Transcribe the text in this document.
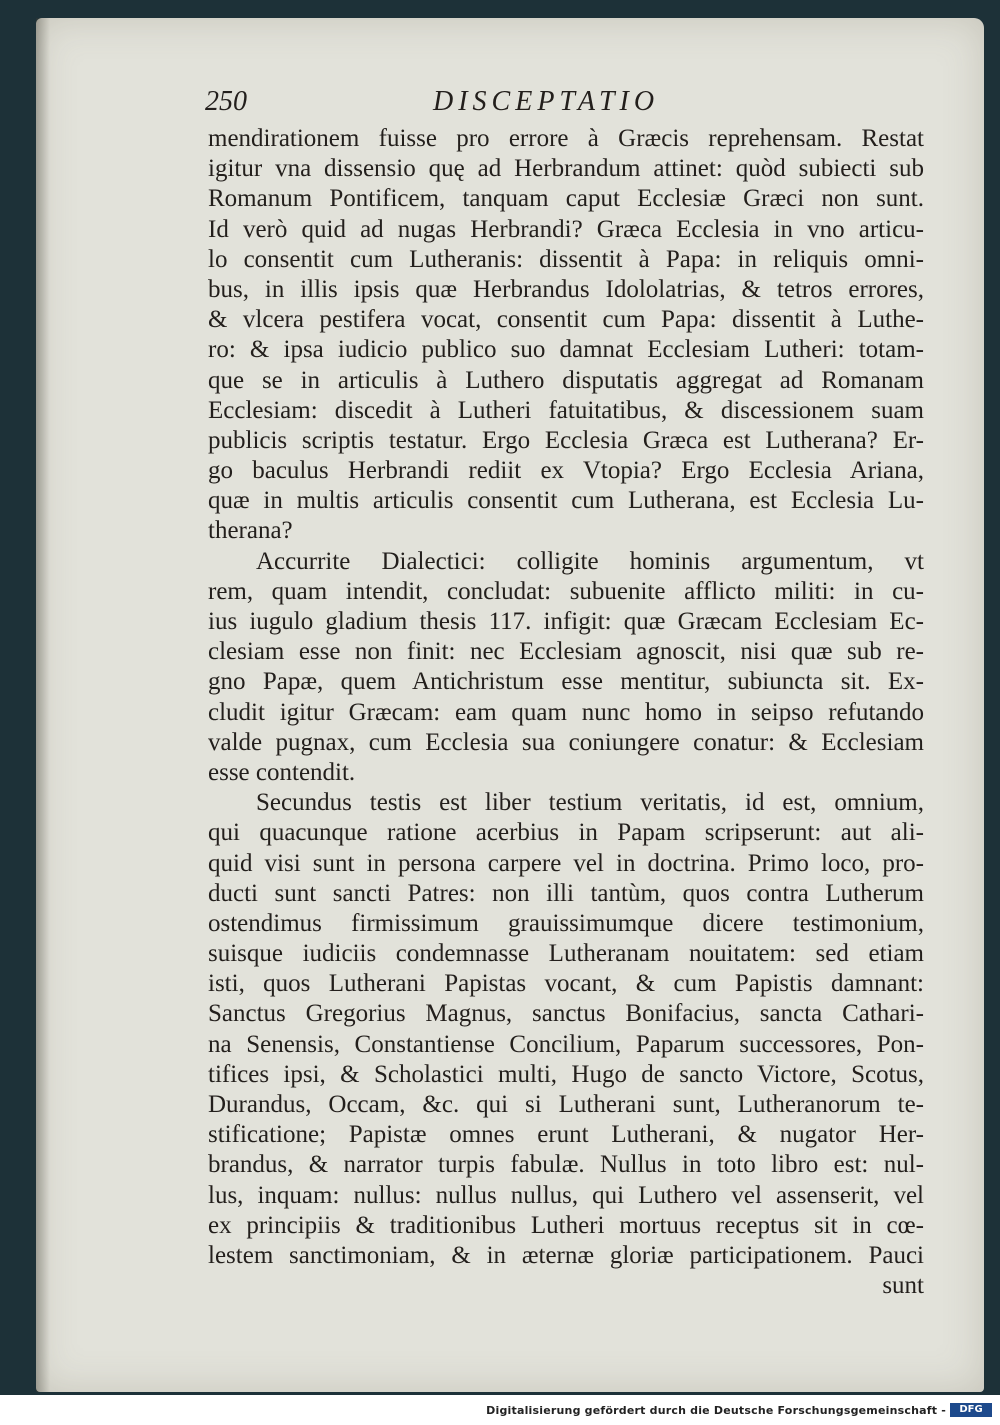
250	DISCEPTATIO
mendirationem fuisse pro errore à Græcis reprehensam. Restat
igitur vna dissensio quę ad Herbrandum attinet: quòd subiecti sub
Romanum Pontificem, tanquam caput Ecclesiæ Græci non sunt.
Id verò quid ad nugas Herbrandi? Græca Ecclesia in vno articu-
lo consentit cum Lutheranis: dissentit à Papa: in reliquis omni-
bus, in illis ipsis quæ Herbrandus Idololatrias, & tetros errores,
& vlcera pestifera vocat, consentit cum Papa: dissentit à Luthe-
ro: & ipsa iudicio publico suo damnat Ecclesiam Lutheri: totam-
que se in articulis à Luthero disputatis aggregat ad Romanam
Ecclesiam: discedit à Lutheri fatuitatibus, & discessionem suam
publicis scriptis testatur. Ergo Ecclesia Græca est Lutherana? Er-
go baculus Herbrandi rediit ex Vtopia? Ergo Ecclesia Ariana,
quæ in multis articulis consentit cum Lutherana, est Ecclesia Lu-
therana?
Accurrite Dialectici: colligite hominis argumentum, vt
rem, quam intendit, concludat: subuenite afflicto militi: in cu-
ius iugulo gladium thesis 117. infigit: quæ Græcam Ecclesiam Ec-
clesiam esse non finit: nec Ecclesiam agnoscit, nisi quæ sub re-
gno Papæ, quem Antichristum esse mentitur, subiuncta sit. Ex-
cludit igitur Græcam: eam quam nunc homo in seipso refutando
valde pugnax, cum Ecclesia sua coniungere conatur: & Ecclesiam
esse contendit.
Secundus testis est liber testium veritatis, id est, omnium,
qui quacunque ratione acerbius in Papam scripserunt: aut ali-
quid visi sunt in persona carpere vel in doctrina. Primo loco, pro-
ducti sunt sancti Patres: non illi tantùm, quos contra Lutherum
ostendimus firmissimum grauissimumque dicere testimonium,
suisque iudiciis condemnasse Lutheranam nouitatem: sed etiam
isti, quos Lutherani Papistas vocant, & cum Papistis damnant:
Sanctus Gregorius Magnus, sanctus Bonifacius, sancta Cathari-
na Senensis, Constantiense Concilium, Paparum successores, Pon-
tifices ipsi, & Scholastici multi, Hugo de sancto Victore, Scotus,
Durandus, Occam, &c. qui si Lutherani sunt, Lutheranorum te-
stificatione; Papistæ omnes erunt Lutherani, & nugator Her-
brandus, & narrator turpis fabulæ. Nullus in toto libro est: nul-
lus, inquam: nullus: nullus nullus, qui Luthero vel assenserit, vel
ex principiis & traditionibus Lutheri mortuus receptus sit in cœ-
lestem sanctimoniam, & in æternæ gloriæ participationem. Pauci
sunt
Digitalisierung gefördert durch die Deutsche Forschungsgemeinschaft -	DFG
